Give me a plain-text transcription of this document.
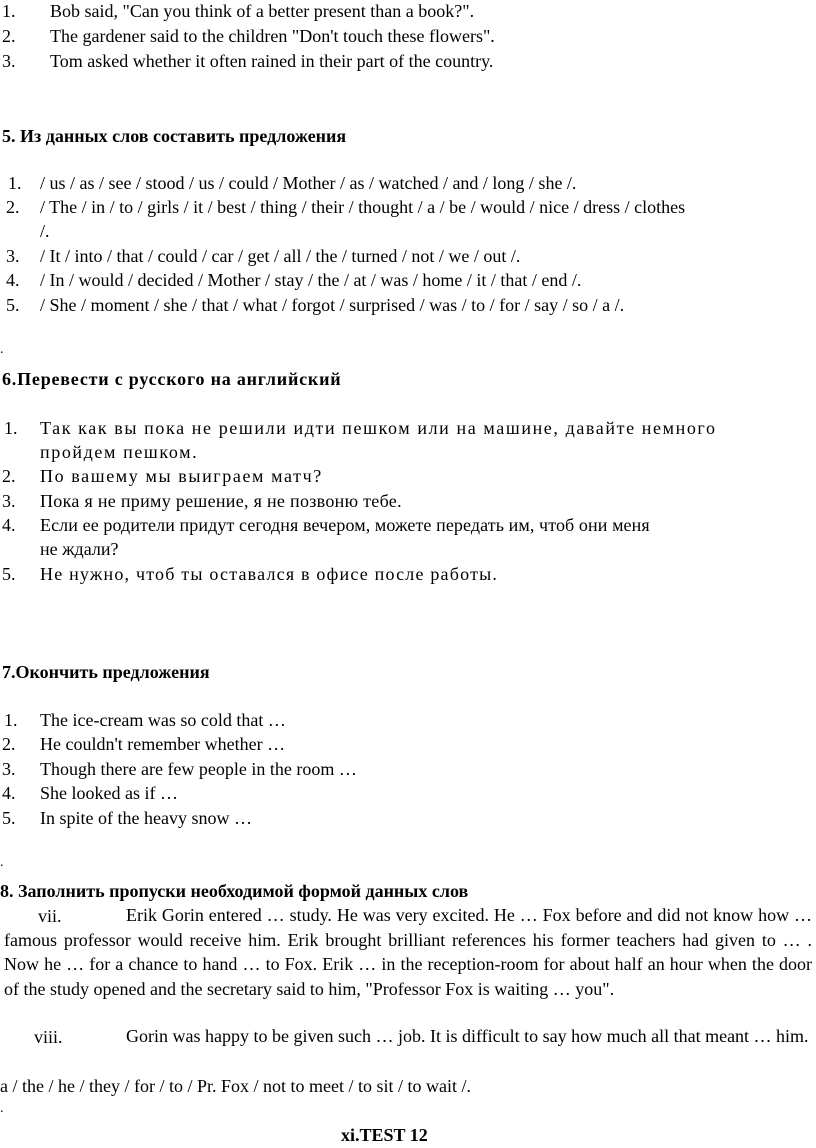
1. Bob said, "Can you think of a better present than a book?".
2. The gardener said to the children "Don't touch these flowers".
3. Tom asked whether it often rained in their part of the country.
5. Из данных слов составить предложения
1. / us / as / see / stood / us / could / Mother / as / watched / and / long / she /.
2. / The / in / to / girls / it / best / thing / their / thought / a / be / would / nice / dress / clothes
/.
3. / It / into / that / could / car / get / all / the / turned / not / we / out /.
4. / In / would / decided / Mother / stay / the / at / was / home / it / that / end /.
5. / She / moment / she / that / what / forgot / surprised / was / to / for / say / so / a /.
.
6.Перевести с русского на английский
1. Так как вы пока не решили идти пешком или на машине, давайте немного
пройдем пешком.
2. По вашему мы выиграем матч?
3. Пока я не приму решение, я не позвоню тебе.
4. Если ее родители придут сегодня вечером, можете передать им, чтоб они меня
не ждали?
5. Не нужно, чтоб ты оставался в офисе после работы.
7.Окончить предложения
1. The ice-cream was so cold that …
2. He couldn't remember whether …
3. Though there are few people in the room …
4. She looked as if …
5. In spite of the heavy snow …
.
8. Заполнить пропуски необходимой формой данных слов
vii.	Erik Gorin entered … study. He was very excited. He … Fox before and did not know how … famous professor would receive him. Erik brought brilliant references his former teachers had given to … . Now he … for a chance to hand … to Fox. Erik … in the reception-room for about half an hour when the door of the study opened and the secretary said to him, "Professor Fox is waiting … you".
viii.	Gorin was happy to be given such … job. It is difficult to say how much all that meant … him.
a / the / he / they / for / to / Pr. Fox / not to meet / to sit / to wait /.
.
xi.TEST 12
